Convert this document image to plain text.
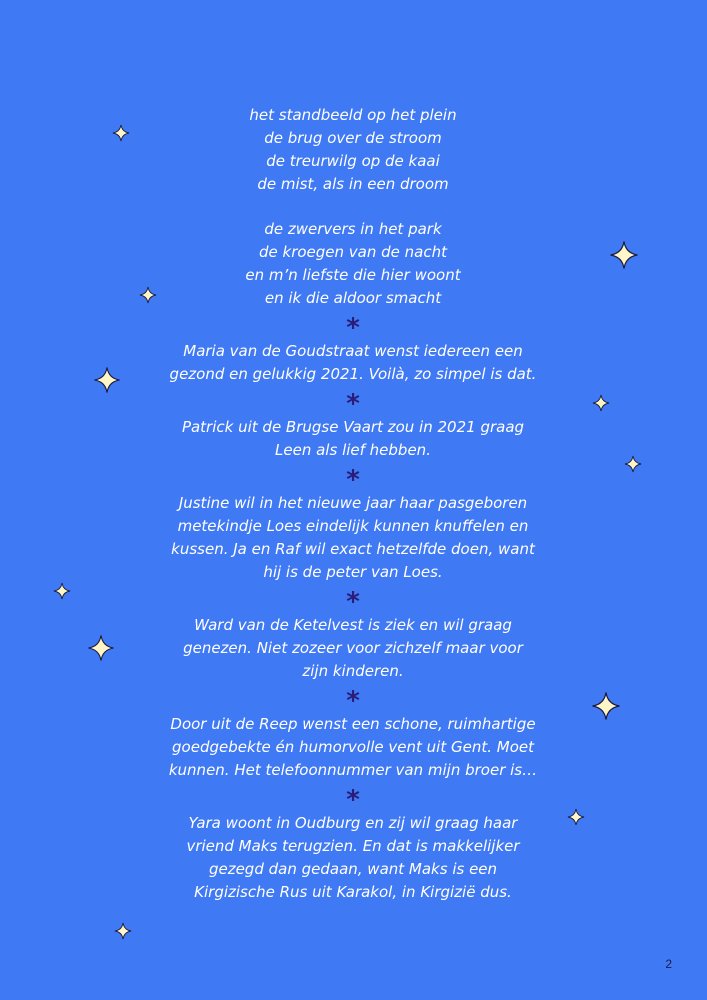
het standbeeld op het plein
de brug over de stroom
de treurwilg op de kaai
de mist, als in een droom
de zwervers in het park
de kroegen van de nacht
en m’n liefste die hier woont
en ik die aldoor smacht
*
Maria van de Goudstraat wenst iedereen een
gezond en gelukkig 2021. Voilà, zo simpel is dat.
*
Patrick uit de Brugse Vaart zou in 2021 graag
Leen als lief hebben.
*
Justine wil in het nieuwe jaar haar pasgeboren
metekindje Loes eindelijk kunnen knuffelen en
kussen. Ja en Raf wil exact hetzelfde doen, want
hij is de peter van Loes.
*
Ward van de Ketelvest is ziek en wil graag
genezen. Niet zozeer voor zichzelf maar voor
zijn kinderen.
*
Door uit de Reep wenst een schone, ruimhartige
goedgebekte én humorvolle vent uit Gent. Moet
kunnen. Het telefoonnummer van mijn broer is…
*
Yara woont in Oudburg en zij wil graag haar
vriend Maks terugzien. En dat is makkelijker
gezegd dan gedaan, want Maks is een
Kirgizische Rus uit Karakol, in Kirgizië dus.
2
